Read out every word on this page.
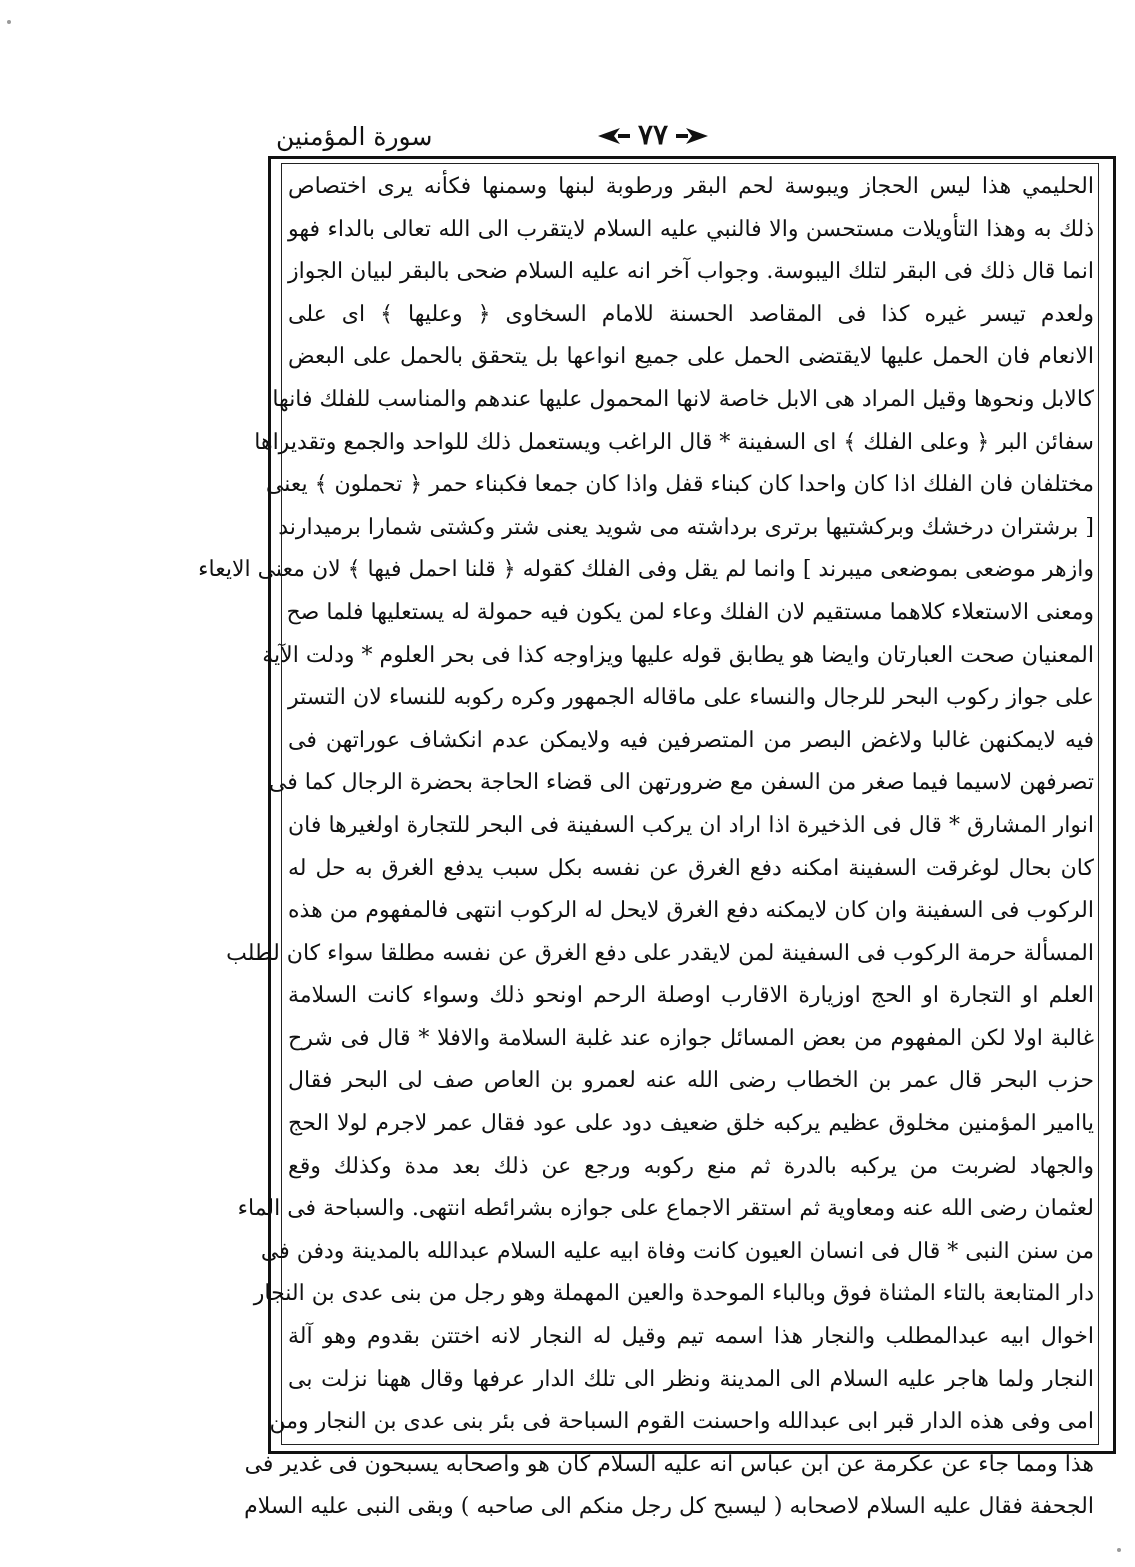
سورة المؤمنين	٧٧
الحليمي هذا ليس الحجاز ويبوسة لحم البقر ورطوبة لبنها وسمنها فكأنه يرى اختصاص
ذلك به وهذا التأويلات مستحسن والا فالنبي عليه السلام لايتقرب الى الله تعالى بالداء فهو
انما قال ذلك فى البقر لتلك اليبوسة. وجواب آخر انه عليه السلام ضحى بالبقر لبيان الجواز
ولعدم تيسر غيره كذا فى المقاصد الحسنة للامام السخاوى ﴿ وعليها ﴾ اى على
الانعام فان الحمل عليها لايقتضى الحمل على جميع انواعها بل يتحقق بالحمل على البعض
كالابل ونحوها وقيل المراد هى الابل خاصة لانها المحمول عليها عندهم والمناسب للفلك فانها
سفائن البر ﴿ وعلى الفلك ﴾ اى السفينة * قال الراغب ويستعمل ذلك للواحد والجمع وتقديراها
مختلفان فان الفلك اذا كان واحدا كان كبناء قفل واذا كان جمعا فكبناء حمر ﴿ تحملون ﴾ يعنى
[ برشتران درخشك وبركشتيها برترى برداشته مى شويد يعنى شتر وكشتى شمارا برميدارند
وازهر موضعى بموضعى ميبرند ] وانما لم يقل وفى الفلك كقوله ﴿ قلنا احمل فيها ﴾ لان معنى الايعاء
ومعنى الاستعلاء كلاهما مستقيم لان الفلك وعاء لمن يكون فيه حمولة له يستعليها فلما صح
المعنيان صحت العبارتان وايضا هو يطابق قوله عليها ويزاوجه كذا فى بحر العلوم * ودلت الآية
على جواز ركوب البحر للرجال والنساء على ماقاله الجمهور وكره ركوبه للنساء لان التستر
فيه لايمكنهن غالبا ولاغض البصر من المتصرفين فيه ولايمكن عدم انكشاف عوراتهن فى
تصرفهن لاسيما فيما صغر من السفن مع ضرورتهن الى قضاء الحاجة بحضرة الرجال كما فى
انوار المشارق * قال فى الذخيرة اذا اراد ان يركب السفينة فى البحر للتجارة اولغيرها فان
كان بحال لوغرقت السفينة امكنه دفع الغرق عن نفسه بكل سبب يدفع الغرق به حل له
الركوب فى السفينة وان كان لايمكنه دفع الغرق لايحل له الركوب انتهى فالمفهوم من هذه
المسألة حرمة الركوب فى السفينة لمن لايقدر على دفع الغرق عن نفسه مطلقا سواء كان لطلب
العلم او التجارة او الحج اوزيارة الاقارب اوصلة الرحم اونحو ذلك وسواء كانت السلامة
غالبة اولا لكن المفهوم من بعض المسائل جوازه عند غلبة السلامة والافلا * قال فى شرح
حزب البحر قال عمر بن الخطاب رضى الله عنه لعمرو بن العاص صف لى البحر فقال
ياامير المؤمنين مخلوق عظيم يركبه خلق ضعيف دود على عود فقال عمر لاجرم لولا الحج
والجهاد لضربت من يركبه بالدرة ثم منع ركوبه ورجع عن ذلك بعد مدة وكذلك وقع
لعثمان رضى الله عنه ومعاوية ثم استقر الاجماع على جوازه بشرائطه انتهى. والسباحة فى الماء
من سنن النبى * قال فى انسان العيون كانت وفاة ابيه عليه السلام عبدالله بالمدينة ودفن فى
دار المتابعة بالتاء المثناة فوق وبالباء الموحدة والعين المهملة وهو رجل من بنى عدى بن النجار
اخوال ابيه عبدالمطلب والنجار هذا اسمه تيم وقيل له النجار لانه اختتن بقدوم وهو آلة
النجار ولما هاجر عليه السلام الى المدينة ونظر الى تلك الدار عرفها وقال ههنا نزلت بى
امى وفى هذه الدار قبر ابى عبدالله واحسنت القوم السباحة فى بئر بنى عدى بن النجار ومن
هذا ومما جاء عن عكرمة عن ابن عباس انه عليه السلام كان هو واصحابه يسبحون فى غدير فى
الجحفة فقال عليه السلام لاصحابه ( ليسبح كل رجل منكم الى صاحبه ) وبقى النبى عليه السلام
